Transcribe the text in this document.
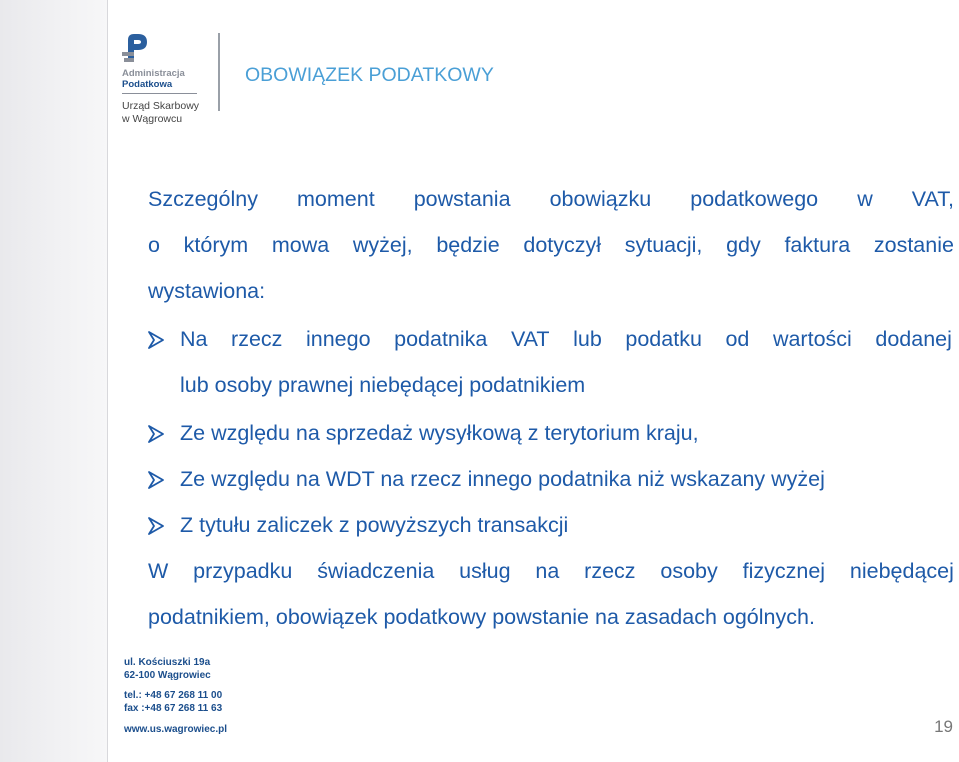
Administracja
Podatkowa
Urząd Skarbowy
w Wągrowcu
OBOWIĄZEK PODATKOWY
Szczególny moment powstania obowiązku podatkowego w VAT,
o którym mowa wyżej, będzie dotyczył sytuacji, gdy faktura zostanie
wystawiona:
Na rzecz innego podatnika VAT lub podatku od wartości dodanej
lub osoby prawnej niebędącej podatnikiem
Ze względu na sprzedaż wysyłkową z terytorium kraju,
Ze względu na WDT na rzecz innego podatnika niż wskazany wyżej
Z tytułu zaliczek z powyższych transakcji
W przypadku świadczenia usług na rzecz osoby fizycznej niebędącej
podatnikiem, obowiązek podatkowy powstanie na zasadach ogólnych.
ul. Kościuszki 19a
62-100 Wągrowiec
tel.: +48 67 268 11 00
fax :+48 67 268 11 63
www.us.wagrowiec.pl	19
